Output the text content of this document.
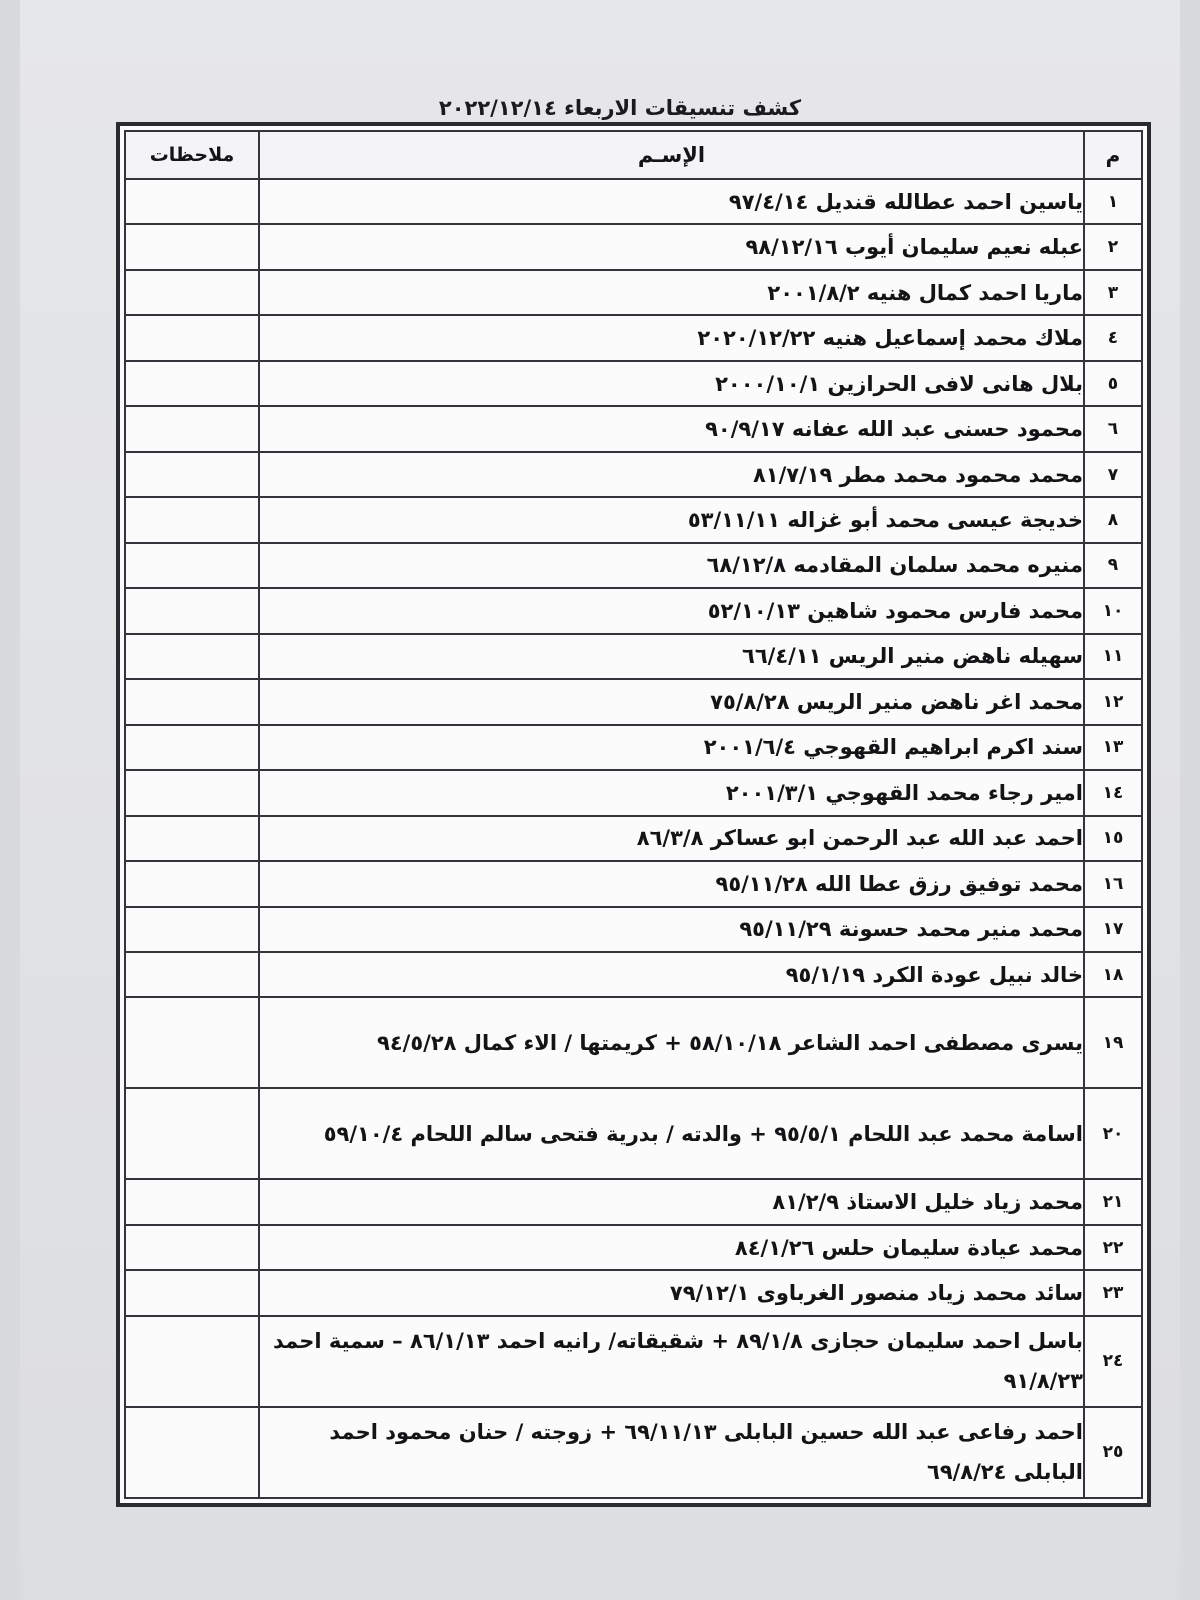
كشف تنسيقات الاربعاء ٢٠٢٢/١٢/١٤
م	الإسـم	ملاحظات
١	ياسين احمد عطالله قنديل ٩٧/٤/١٤	
٢	عبله نعيم سليمان أيوب ٩٨/١٢/١٦	
٣	ماريا احمد كمال هنيه ٢٠٠١/٨/٢	
٤	ملاك محمد إسماعيل هنيه ٢٠٢٠/١٢/٢٢	
٥	بلال هانى لافى الحرازين ٢٠٠٠/١٠/١	
٦	محمود حسنى عبد الله عفانه ٩٠/٩/١٧	
٧	محمد محمود محمد مطر ٨١/٧/١٩	
٨	خديجة عيسى محمد أبو غزاله ٥٣/١١/١١	
٩	منيره محمد سلمان المقادمه ٦٨/١٢/٨	
١٠	محمد فارس محمود شاهين ٥٢/١٠/١٣	
١١	سهيله ناهض منير الريس ٦٦/٤/١١	
١٢	محمد اغر ناهض منير الريس ٧٥/٨/٢٨	
١٣	سند اكرم ابراهيم القهوجي ٢٠٠١/٦/٤	
١٤	امير رجاء محمد القهوجي ٢٠٠١/٣/١	
١٥	احمد عبد الله عبد الرحمن ابو عساكر ٨٦/٣/٨	
١٦	محمد توفيق رزق عطا الله ٩٥/١١/٢٨	
١٧	محمد منير محمد حسونة ٩٥/١١/٢٩	
١٨	خالد نبيل عودة الكرد ٩٥/١/١٩	
١٩	يسرى مصطفى احمد الشاعر ٥٨/١٠/١٨ + كريمتها / الاء كمال ٩٤/٥/٢٨	
٢٠	اسامة محمد عبد اللحام ٩٥/٥/١ + والدته / بدرية فتحى سالم اللحام ٥٩/١٠/٤	
٢١	محمد زياد خليل الاستاذ ٨١/٢/٩	
٢٢	محمد عيادة سليمان حلس ٨٤/١/٢٦	
٢٣	سائد محمد زياد منصور الغرباوى ٧٩/١٢/١	
٢٤	باسل احمد سليمان حجازى ٨٩/١/٨ + شقيقاته/ رانيه احمد ٨٦/١/١٣ – سمية احمد ٩١/٨/٢٣	
٢٥	احمد رفاعى عبد الله حسين البابلى ٦٩/١١/١٣ + زوجته / حنان محمود احمد البابلى ٦٩/٨/٢٤	
